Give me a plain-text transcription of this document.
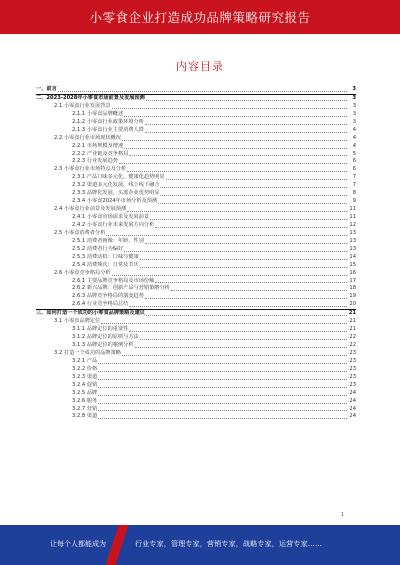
小零食企业打造成功品牌策略研究报告
内容目录
一、前言	3
二、2023-2028年小零食市场前景及发展预测	3
2.1 小零食行业发展背景	3
2.1.1 小零食品牌概述	3
2.1.2 小零食行业政策环境分析	3
2.1.3 小零食行业主要消费人群	4
2.2 小零食行业市场现状概况	4
2.2.1 市场规模及增速	4
2.2.2 产业链及竞争格局	5
2.2.3 行业发展趋势	6
2.3 小零食行业市场特点及分析	6
2.3.1 产品口味多元化，健康化趋势明显	7
2.3.2 渠道多元化发展，线上线下融合	7
2.3.3 品牌化发展，头部企业优势明显	8
2.3.4 小零食2024年市场分析及预测	9
2.4 小零食行业前景及发展预测	11
2.4.1 小零食市场需求及发展前景	11
2.4.2 小零食行业未来发展方向分析	12
2.5 小零食消费者分析	13
2.5.1 消费者画像：年龄、性别	13
2.5.2 消费者行为偏好	13
2.5.3 消费动机：口味与健康	14
2.5.4 消费频次：日常及节庆	15
2.6 小零食竞争格局分析	16
2.6.1 主要品牌竞争格局及市场份额	17
2.6.2 新兴品牌：创新产品与营销策略分析	18
2.6.3 品牌竞争格局的演变趋势	19
2.6.4 行业竞争格局总结	20
三、如何打造一个成功的小零食品牌策略及建议	21
3.1 小零食品牌定位	21
3.1.1 品牌定位的重要性	21
3.1.2 品牌定位的原则与方法	22
3.1.3 品牌定位的案例分析	22
3.2 打造一个成功的品牌策略	23
3.2.1 产品	23
3.2.2 价格	23
3.2.3 渠道	23
3.2.4 促销	23
3.2.5 品牌	24
3.2.6 服务	24
3.2.7 营销	24
3.2.8 渠道	24
1
让每个人都能成为	行业专家，管理专家，营销专家，战略专家，运营专家……
